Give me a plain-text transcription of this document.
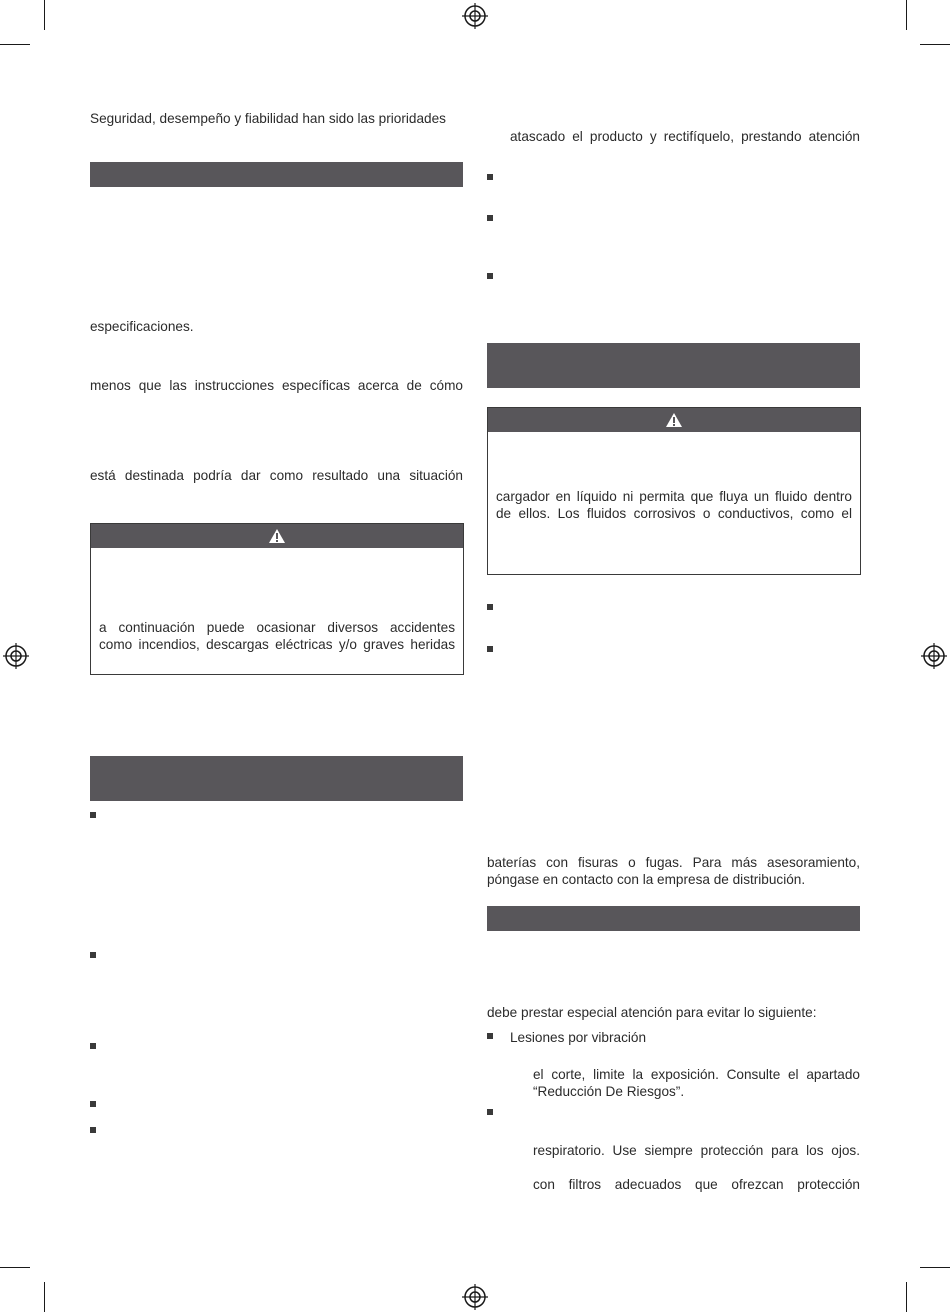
Seguridad, desempeño y fiabilidad han sido las prioridades
especificaciones.
menos que las instrucciones específicas acerca de cómo
está destinada podría dar como resultado una situación
a continuación puede ocasionar diversos accidentes
como incendios, descargas eléctricas y/o graves heridas
atascado el producto y rectifíquelo, prestando atención
cargador en líquido ni permita que fluya un fluido dentro
de ellos. Los fluidos corrosivos o conductivos, como el
baterías con fisuras o fugas. Para más asesoramiento,
póngase en contacto con la empresa de distribución.
debe prestar especial atención para evitar lo siguiente:
Lesiones por vibración
el corte, limite la exposición. Consulte el apartado
“Reducción De Riesgos”.
respiratorio. Use siempre protección para los ojos.
con filtros adecuados que ofrezcan protección
